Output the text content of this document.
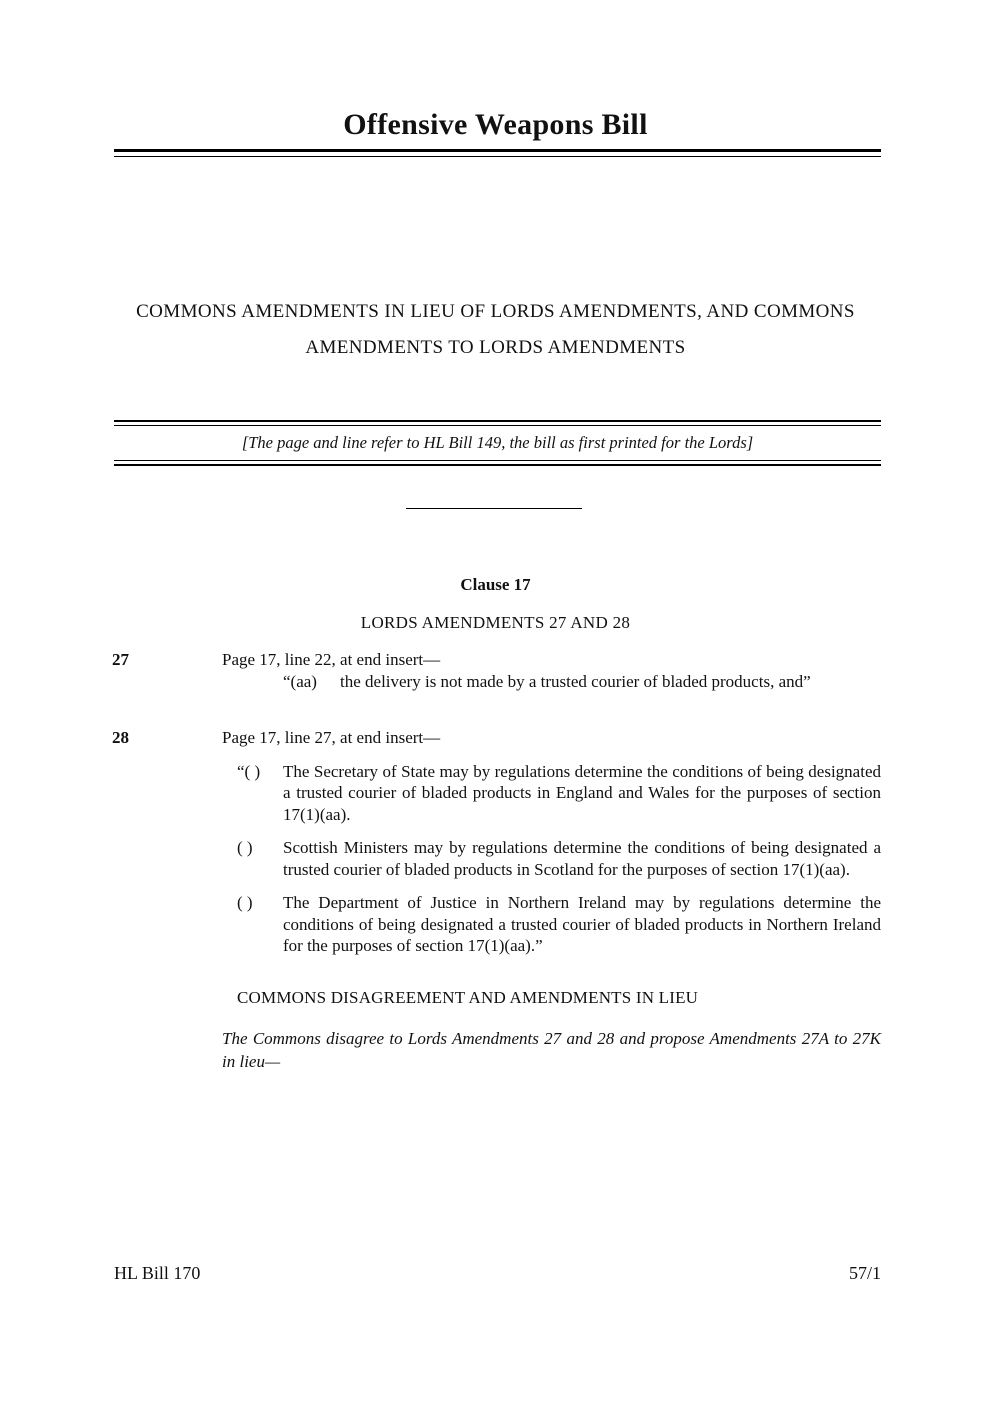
Offensive Weapons Bill
COMMONS AMENDMENTS IN LIEU OF LORDS AMENDMENTS, AND COMMONS
AMENDMENTS TO LORDS AMENDMENTS
[The page and line refer to HL Bill 149, the bill as first printed for the Lords]
Clause 17
LORDS AMENDMENTS 27 AND 28
27	Page 17, line 22, at end insert—
“(aa)	the delivery is not made by a trusted courier of bladed products, and”
28	Page 17, line 27, at end insert—
“( )	The Secretary of State may by regulations determine the conditions of being designated a trusted courier of bladed products in England and Wales for the purposes of section 17(1)(aa).
( )	Scottish Ministers may by regulations determine the conditions of being designated a trusted courier of bladed products in Scotland for the purposes of section 17(1)(aa).
( )	The Department of Justice in Northern Ireland may by regulations determine the conditions of being designated a trusted courier of bladed products in Northern Ireland for the purposes of section 17(1)(aa).”
COMMONS DISAGREEMENT AND AMENDMENTS IN LIEU
The Commons disagree to Lords Amendments 27 and 28 and propose Amendments 27A to 27K in lieu—
HL Bill 170	57/1
